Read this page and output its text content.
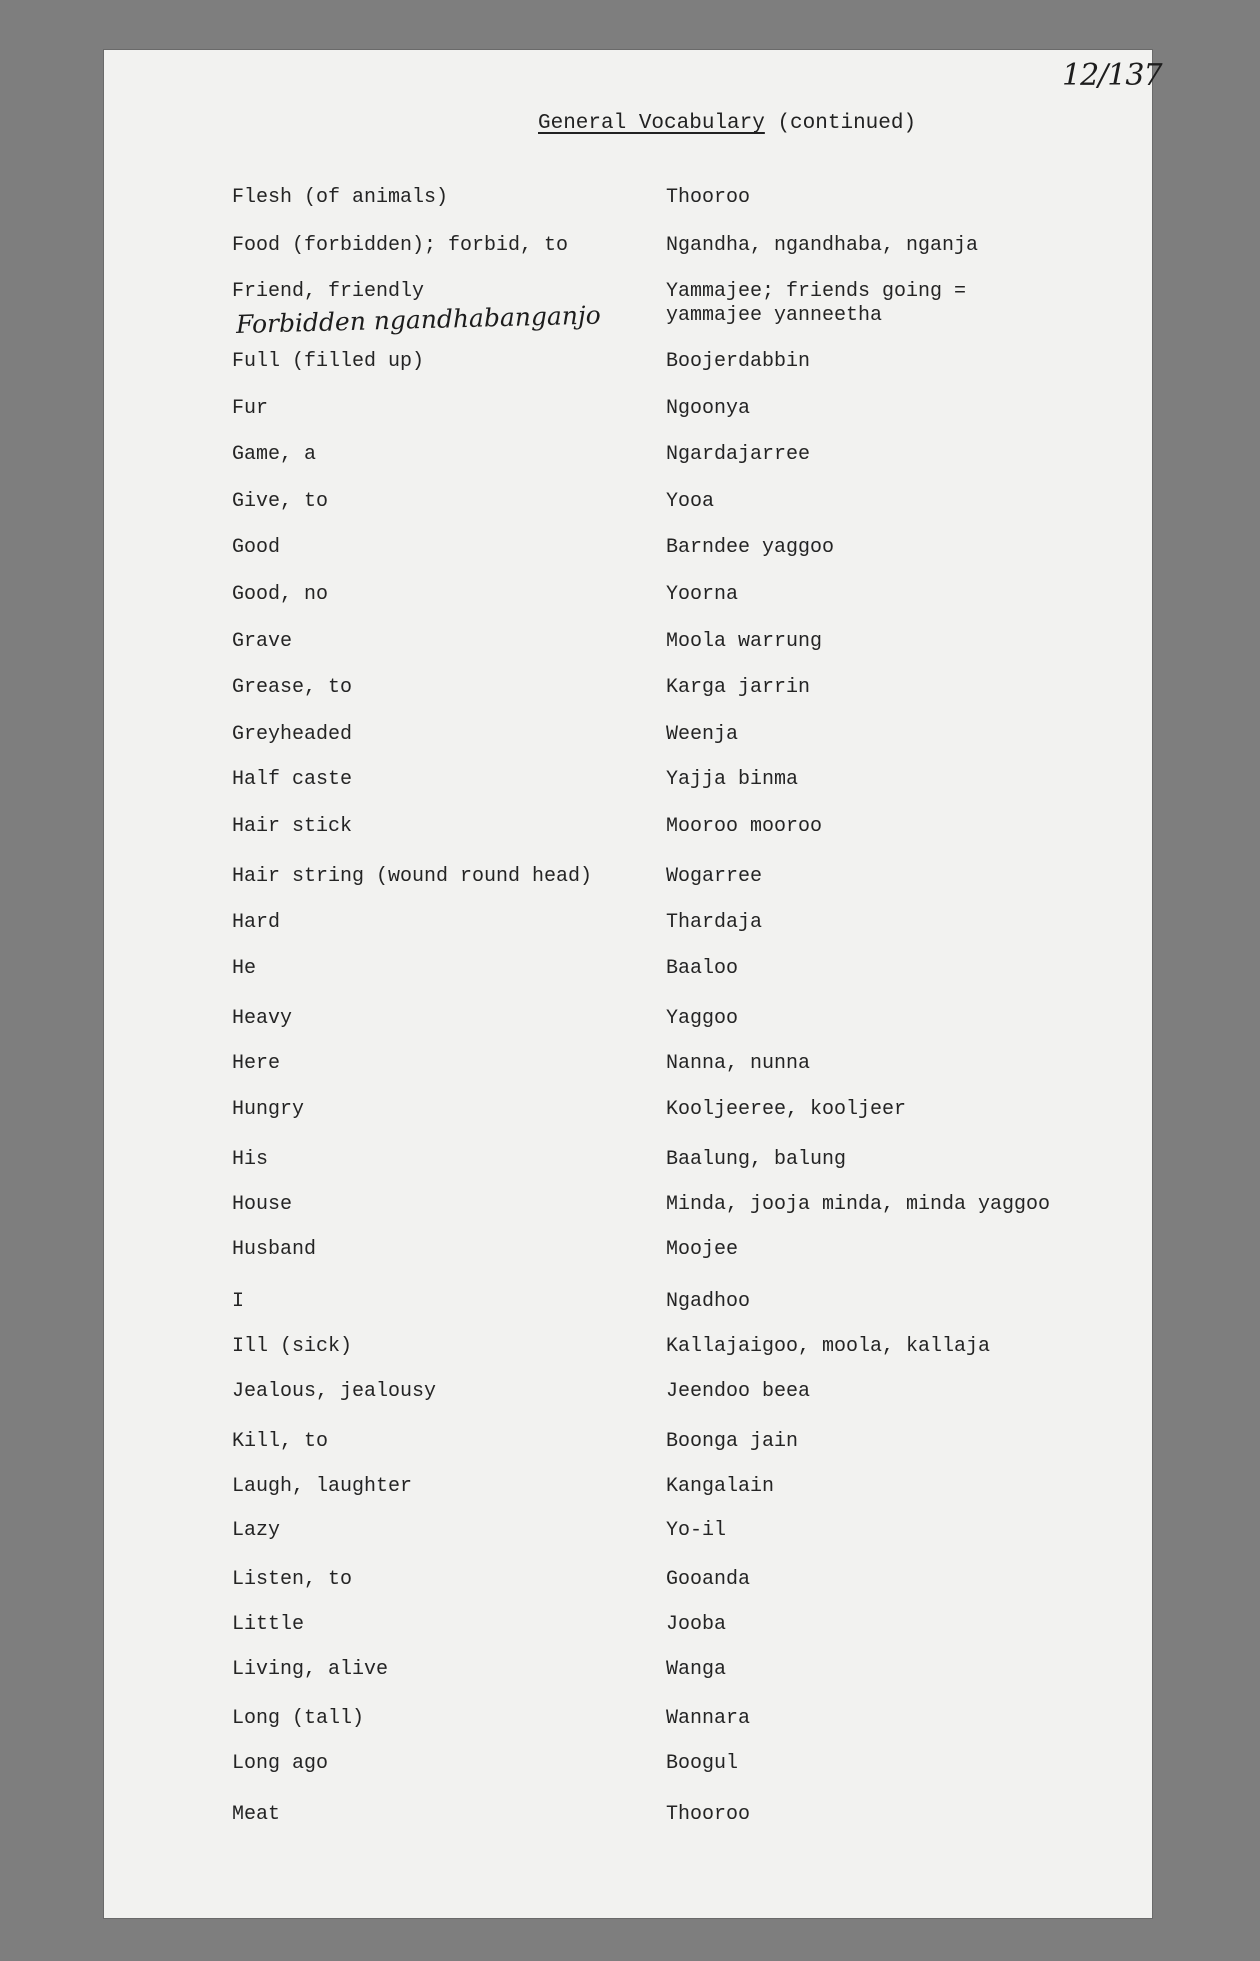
12/137
General Vocabulary (continued)
Flesh (of animals)	Thooroo
Food (forbidden); forbid, to	Ngandha, ngandhaba, nganja
Friend, friendly	Yammajee; friends going =
yammajee yanneetha
Full (filled up)	Boojerdabbin
Fur	Ngoonya
Game, a	Ngardajarree
Give, to	Yooa
Good	Barndee yaggoo
Good, no	Yoorna
Grave	Moola warrung
Grease, to	Karga jarrin
Greyheaded	Weenja
Half caste	Yajja binma
Hair stick	Mooroo mooroo
Hair string (wound round head)	Wogarree
Hard	Thardaja
He	Baaloo
Heavy	Yaggoo
Here	Nanna, nunna
Hungry	Kooljeeree, kooljeer
His	Baalung, balung
House	Minda, jooja minda, minda yaggoo
Husband	Moojee
I	Ngadhoo
Ill (sick)	Kallajaigoo, moola, kallaja
Jealous, jealousy	Jeendoo beea
Kill, to	Boonga jain
Laugh, laughter	Kangalain
Lazy	Yo-il
Listen, to	Gooanda
Little	Jooba
Living, alive	Wanga
Long (tall)	Wannara
Long ago	Boogul
Meat	Thooroo
Forbidden ngandhabanganjo
